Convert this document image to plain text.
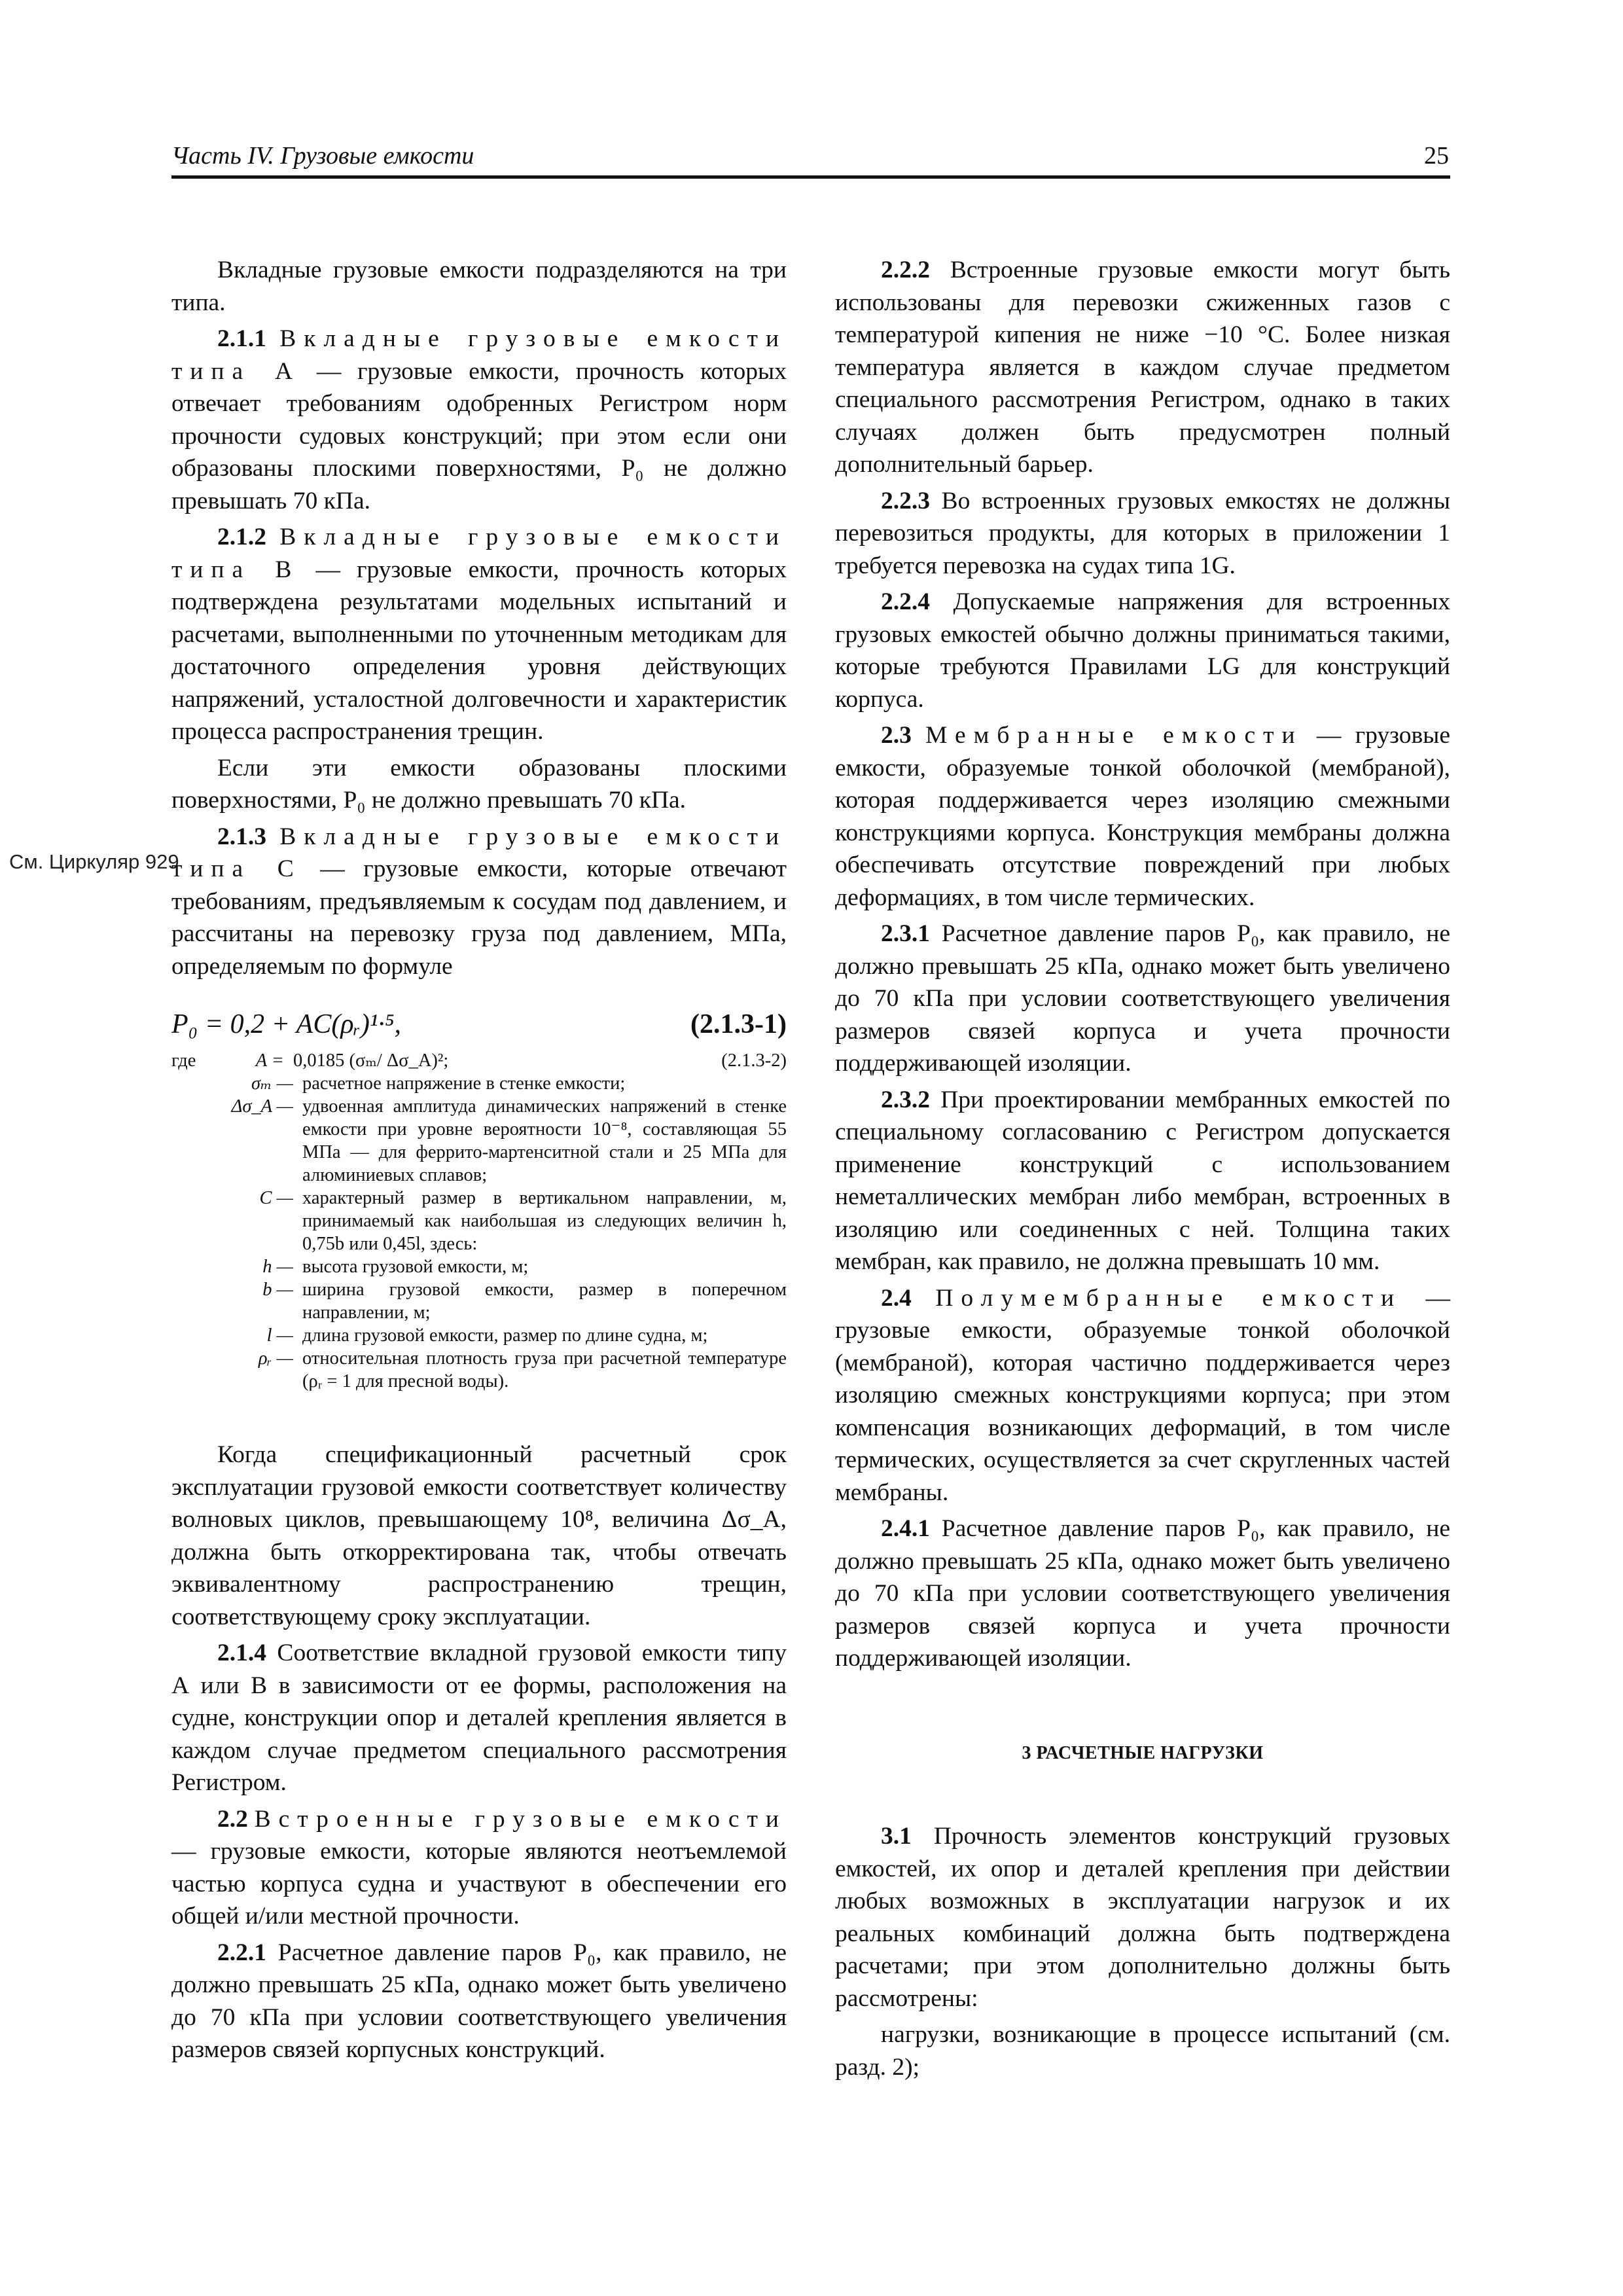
Часть IV. Грузовые емкости	25
См. Циркуляр 929

Вкладные грузовые емкости подразделяются на три типа.

2.1.1 Вкладные грузовые емкости типа А — грузовые емкости, прочность которых отвечает требованиям одобренных Регистром норм прочности судовых конструкций; при этом если они образованы плоскими поверхностями, P₀ не должно превышать 70 кПа.

2.1.2 Вкладные грузовые емкости типа В — грузовые емкости, прочность которых подтверждена результатами модельных испытаний и расчетами, выполненными по уточненным методикам для достаточного определения уровня действующих напряжений, усталостной долговечности и характеристик процесса распространения трещин.

Если эти емкости образованы плоскими поверхностями, P₀ не должно превышать 70 кПа.

2.1.3 Вкладные грузовые емкости типа С — грузовые емкости, которые отвечают требованиям, предъявляемым к сосудам под давлением, и рассчитаны на перевозку груза под давлением, МПа, определяемым по формуле

P₀ = 0,2 + AC(ρᵣ)¹·⁵,	(2.1.3-1)
где	A = 0,0185 (σₘ/ Δσ_A)²;	(2.1.3-2)
σₘ — расчетное напряжение в стенке емкости;
Δσ_A — удвоенная амплитуда динамических напряжений в стенке емкости при уровне вероятности 10⁻⁸, составляющая 55 МПа — для феррито-мартенситной стали и 25 МПа для алюминиевых сплавов;
C — характерный размер в вертикальном направлении, м, принимаемый как наибольшая из следующих величин h, 0,75b или 0,45l, здесь:
h — высота грузовой емкости, м;
b — ширина грузовой емкости, размер в поперечном направлении, м;
l — длина грузовой емкости, размер по длине судна, м;
ρᵣ — относительная плотность груза при расчетной температуре (ρᵣ = 1 для пресной воды).

Когда спецификационный расчетный срок эксплуатации грузовой емкости соответствует количеству волновых циклов, превышающему 10⁸, величина Δσ_A, должна быть откорректирована так, чтобы отвечать эквивалентному распространению трещин, соответствующему сроку эксплуатации.

2.1.4 Соответствие вкладной грузовой емкости типу А или В в зависимости от ее формы, расположения на судне, конструкции опор и деталей крепления является в каждом случае предметом специального рассмотрения Регистром.

2.2 Встроенные грузовые емкости — грузовые емкости, которые являются неотъемлемой частью корпуса судна и участвуют в обеспечении его общей и/или местной прочности.

2.2.1 Расчетное давление паров P₀, как правило, не должно превышать 25 кПа, однако может быть увеличено до 70 кПа при условии соответствующего увеличения размеров связей корпусных конструкций.

2.2.2 Встроенные грузовые емкости могут быть использованы для перевозки сжиженных газов с температурой кипения не ниже −10 °С. Более низкая температура является в каждом случае предметом специального рассмотрения Регистром, однако в таких случаях должен быть предусмотрен полный дополнительный барьер.

2.2.3 Во встроенных грузовых емкостях не должны перевозиться продукты, для которых в приложении 1 требуется перевозка на судах типа 1G.

2.2.4 Допускаемые напряжения для встроенных грузовых емкостей обычно должны приниматься такими, которые требуются Правилами LG для конструкций корпуса.

2.3 Мембранные емкости — грузовые емкости, образуемые тонкой оболочкой (мембраной), которая поддерживается через изоляцию смежными конструкциями корпуса. Конструкция мембраны должна обеспечивать отсутствие повреждений при любых деформациях, в том числе термических.

2.3.1 Расчетное давление паров P₀, как правило, не должно превышать 25 кПа, однако может быть увеличено до 70 кПа при условии соответствующего увеличения размеров связей корпуса и учета прочности поддерживающей изоляции.

2.3.2 При проектировании мембранных емкостей по специальному согласованию с Регистром допускается применение конструкций с использованием неметаллических мембран либо мембран, встроенных в изоляцию или соединенных с ней. Толщина таких мембран, как правило, не должна превышать 10 мм.

2.4 Полумембранные емкости — грузовые емкости, образуемые тонкой оболочкой (мембраной), которая частично поддерживается через изоляцию смежных конструкциями корпуса; при этом компенсация возникающих деформаций, в том числе термических, осуществляется за счет скругленных частей мембраны.

2.4.1 Расчетное давление паров P₀, как правило, не должно превышать 25 кПа, однако может быть увеличено до 70 кПа при условии соответствующего увеличения размеров связей корпуса и учета прочности поддерживающей изоляции.

3 РАСЧЕТНЫЕ НАГРУЗКИ

3.1 Прочность элементов конструкций грузовых емкостей, их опор и деталей крепления при действии любых возможных в эксплуатации нагрузок и их реальных комбинаций должна быть подтверждена расчетами; при этом дополнительно должны быть рассмотрены:

нагрузки, возникающие в процессе испытаний (см. разд. 2);
